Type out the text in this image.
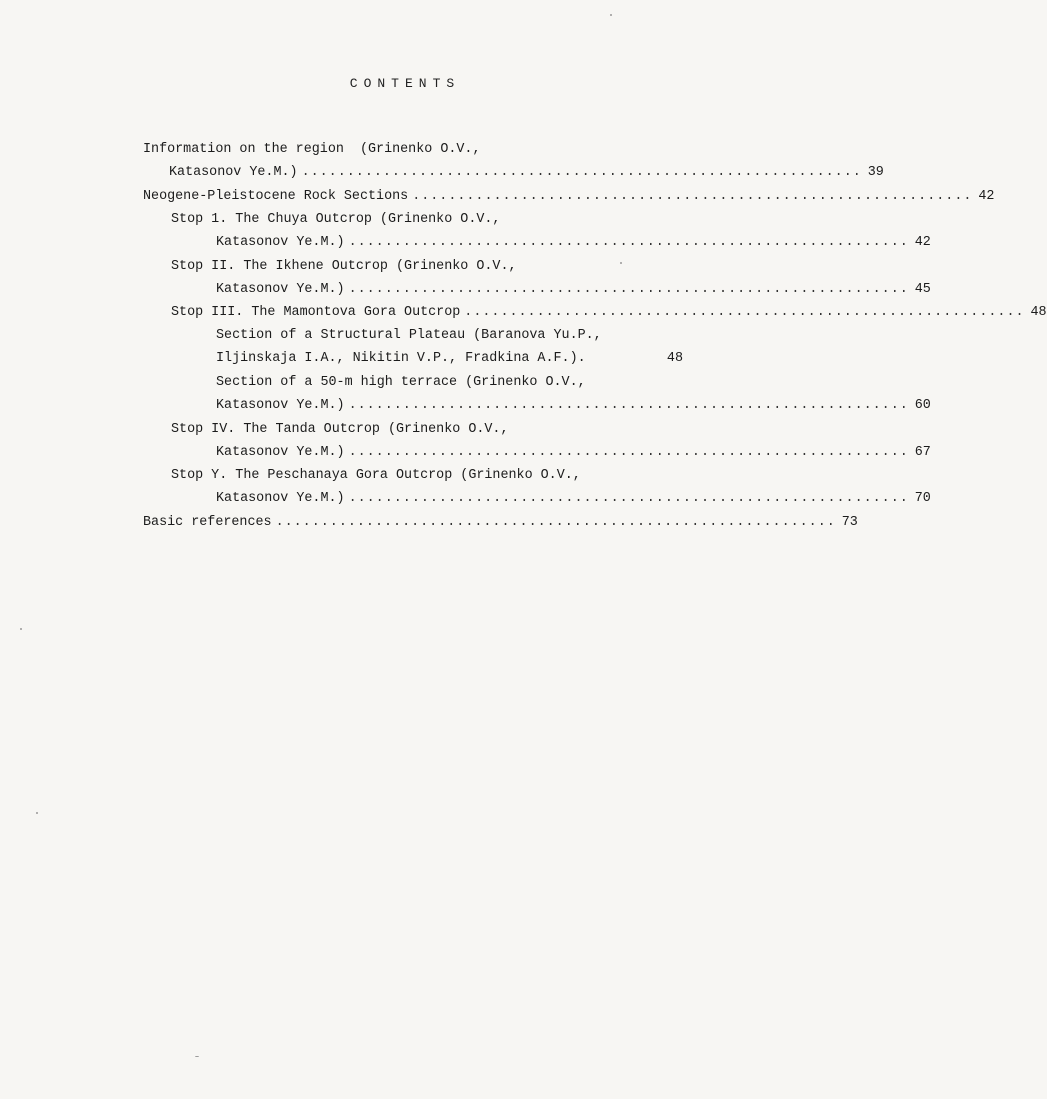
CONTENTS
Information on the region  (Grinenko O.V.,
Katasonov Ye.M.) .............................................................. 39
Neogene-Pleistocene Rock Sections .............................................................. 42
Stop 1. The Chuya Outcrop (Grinenko O.V.,
Katasonov Ye.M.) .............................................................. 42
Stop II. The Ikhene Outcrop (Grinenko O.V.,
Katasonov Ye.M.) .............................................................. 45
Stop III. The Mamontova Gora Outcrop .............................................................. 48
Section of a Structural Plateau (Baranova Yu.P.,
Iljinskaja I.A., Nikitin V.P., Fradkina A.F.).	48
Section of a 50-m high terrace (Grinenko O.V.,
Katasonov Ye.M.) .............................................................. 60
Stop IV. The Tanda Outcrop (Grinenko O.V.,
Katasonov Ye.M.) .............................................................. 67
Stop Y. The Peschanaya Gora Outcrop (Grinenko O.V.,
Katasonov Ye.M.) .............................................................. 70
Basic references .............................................................. 73
